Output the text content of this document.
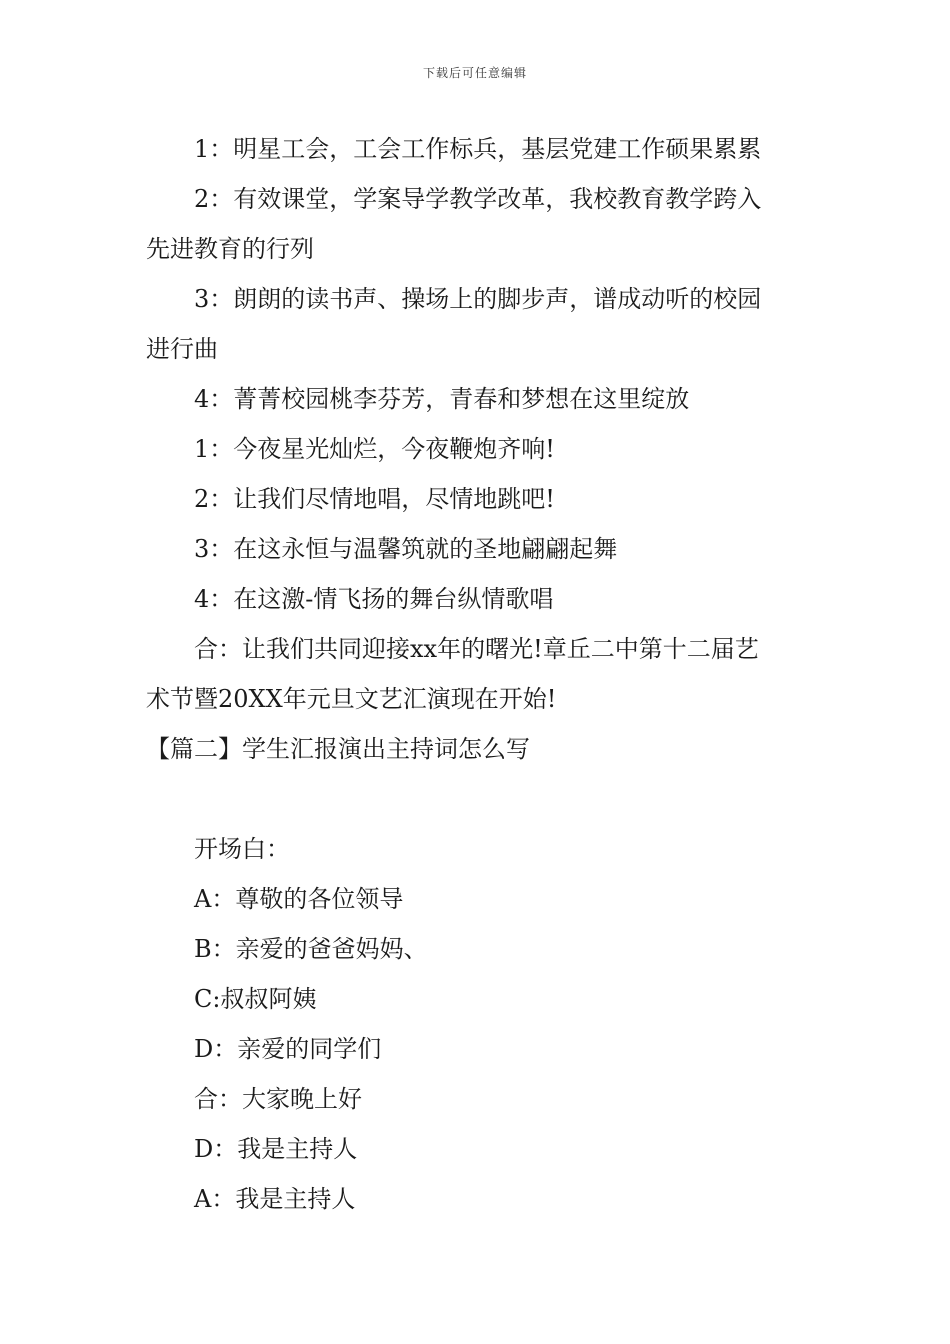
下载后可任意编辑
1：明星工会，工会工作标兵，基层党建工作硕果累累
2：有效课堂，学案导学教学改革，我校教育教学跨入
先进教育的行列
3：朗朗的读书声、操场上的脚步声，谱成动听的校园
进行曲
4：菁菁校园桃李芬芳，青春和梦想在这里绽放
1：今夜星光灿烂，今夜鞭炮齐响!
2：让我们尽情地唱，尽情地跳吧!
3：在这永恒与温馨筑就的圣地翩翩起舞
4：在这激-情飞扬的舞台纵情歌唱
合：让我们共同迎接xx年的曙光!章丘二中第十二届艺
术节暨20XX年元旦文艺汇演现在开始!
【篇二】学生汇报演出主持词怎么写
开场白：
A：尊敬的各位领导
B：亲爱的爸爸妈妈、
C:叔叔阿姨
D：亲爱的同学们
合：大家晚上好
D：我是主持人
A：我是主持人
